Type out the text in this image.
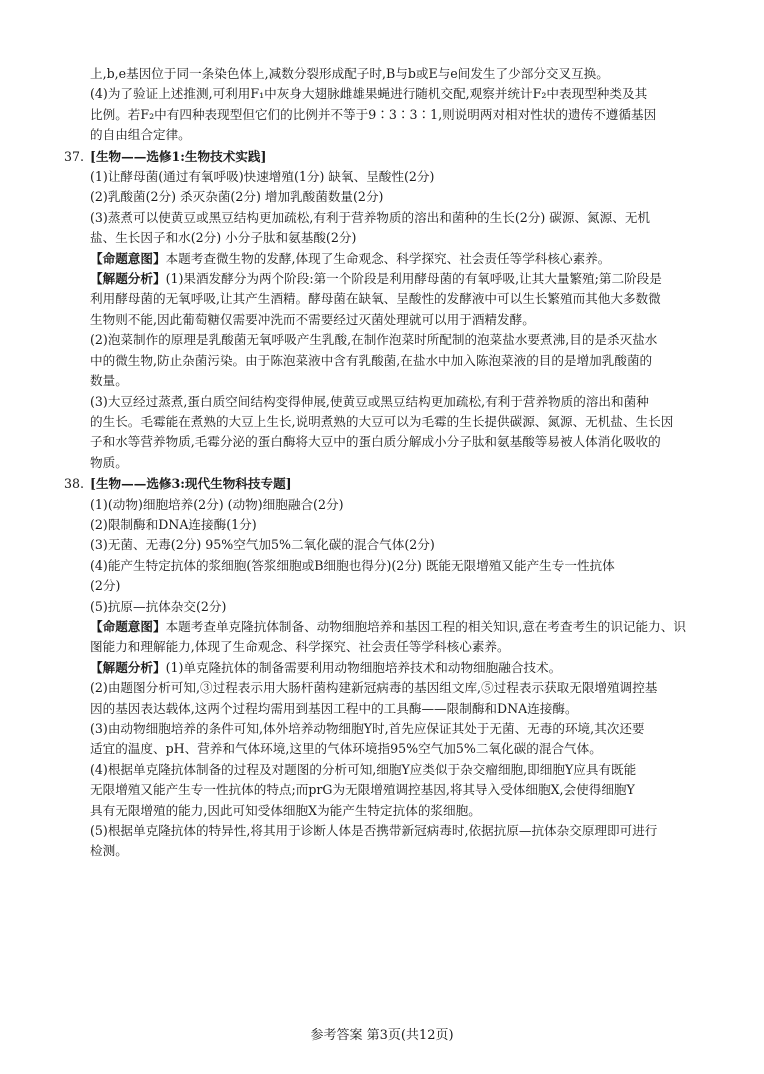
上,b,e基因位于同一条染色体上,减数分裂形成配子时,B与b或E与e间发生了少部分交叉互换。

(4)为了验证上述推测,可利用F₁中灰身大翅脉雌雄果蝇进行随机交配,观察并统计F₂中表现型种类及其

比例。若F₂中有四种表现型但它们的比例并不等于9∶3∶3∶1,则说明两对相对性状的遗传不遵循基因

的自由组合定律。

37. [生物——选修1:生物技术实践]

(1)让酵母菌(通过有氧呼吸)快速增殖(1分) 缺氧、呈酸性(2分)

(2)乳酸菌(2分) 杀灭杂菌(2分) 增加乳酸菌数量(2分)

(3)蒸煮可以使黄豆或黑豆结构更加疏松,有利于营养物质的溶出和菌种的生长(2分) 碳源、氮源、无机

盐、生长因子和水(2分) 小分子肽和氨基酸(2分)

【命题意图】本题考查微生物的发酵,体现了生命观念、科学探究、社会责任等学科核心素养。

【解题分析】(1)果酒发酵分为两个阶段:第一个阶段是利用酵母菌的有氧呼吸,让其大量繁殖;第二阶段是

利用酵母菌的无氧呼吸,让其产生酒精。酵母菌在缺氧、呈酸性的发酵液中可以生长繁殖而其他大多数微

生物则不能,因此葡萄糖仅需要冲洗而不需要经过灭菌处理就可以用于酒精发酵。

(2)泡菜制作的原理是乳酸菌无氧呼吸产生乳酸,在制作泡菜时所配制的泡菜盐水要煮沸,目的是杀灭盐水

中的微生物,防止杂菌污染。由于陈泡菜液中含有乳酸菌,在盐水中加入陈泡菜液的目的是增加乳酸菌的

数量。

(3)大豆经过蒸煮,蛋白质空间结构变得伸展,使黄豆或黑豆结构更加疏松,有利于营养物质的溶出和菌种

的生长。毛霉能在煮熟的大豆上生长,说明煮熟的大豆可以为毛霉的生长提供碳源、氮源、无机盐、生长因

子和水等营养物质,毛霉分泌的蛋白酶将大豆中的蛋白质分解成小分子肽和氨基酸等易被人体消化吸收的

物质。

38. [生物——选修3:现代生物科技专题]

(1)(动物)细胞培养(2分) (动物)细胞融合(2分)

(2)限制酶和DNA连接酶(1分)

(3)无菌、无毒(2分) 95%空气加5%二氧化碳的混合气体(2分)

(4)能产生特定抗体的浆细胞(答浆细胞或B细胞也得分)(2分) 既能无限增殖又能产生专一性抗体

(2分)

(5)抗原—抗体杂交(2分)

【命题意图】本题考查单克隆抗体制备、动物细胞培养和基因工程的相关知识,意在考查考生的识记能力、识

图能力和理解能力,体现了生命观念、科学探究、社会责任等学科核心素养。

【解题分析】(1)单克隆抗体的制备需要利用动物细胞培养技术和动物细胞融合技术。

(2)由题图分析可知,③过程表示用大肠杆菌构建新冠病毒的基因组文库,⑤过程表示获取无限增殖调控基

因的基因表达载体,这两个过程均需用到基因工程中的工具酶——限制酶和DNA连接酶。

(3)由动物细胞培养的条件可知,体外培养动物细胞Y时,首先应保证其处于无菌、无毒的环境,其次还要

适宜的温度、pH、营养和气体环境,这里的气体环境指95%空气加5%二氧化碳的混合气体。

(4)根据单克隆抗体制备的过程及对题图的分析可知,细胞Y应类似于杂交瘤细胞,即细胞Y应具有既能

无限增殖又能产生专一性抗体的特点;而prG为无限增殖调控基因,将其导入受体细胞X,会使得细胞Y

具有无限增殖的能力,因此可知受体细胞X为能产生特定抗体的浆细胞。

(5)根据单克隆抗体的特异性,将其用于诊断人体是否携带新冠病毒时,依据抗原—抗体杂交原理即可进行

检测。

参考答案 第3页(共12页)
